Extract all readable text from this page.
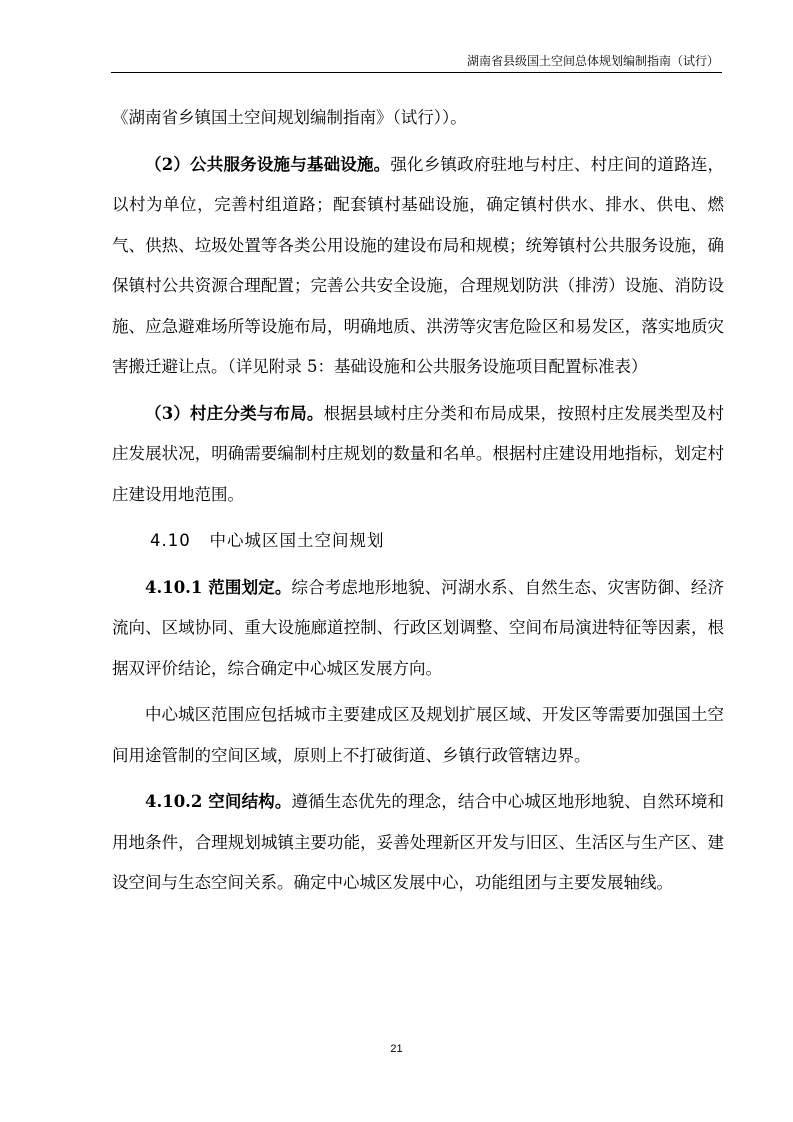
湖南省县级国土空间总体规划编制指南（试行）

《湖南省乡镇国土空间规划编制指南》（试行））。

（2）公共服务设施与基础设施。强化乡镇政府驻地与村庄、村庄间的道路连，以村为单位，完善村组道路；配套镇村基础设施，确定镇村供水、排水、供电、燃气、供热、垃圾处置等各类公用设施的建设布局和规模；统筹镇村公共服务设施，确保镇村公共资源合理配置；完善公共安全设施，合理规划防洪（排涝）设施、消防设施、应急避难场所等设施布局，明确地质、洪涝等灾害危险区和易发区，落实地质灾害搬迁避让点。（详见附录 5：基础设施和公共服务设施项目配置标准表）

（3）村庄分类与布局。根据县域村庄分类和布局成果，按照村庄发展类型及村庄发展状况，明确需要编制村庄规划的数量和名单。根据村庄建设用地指标，划定村庄建设用地范围。

4.10 中心城区国土空间规划

4.10.1 范围划定。综合考虑地形地貌、河湖水系、自然生态、灾害防御、经济流向、区域协同、重大设施廊道控制、行政区划调整、空间布局演进特征等因素，根据双评价结论，综合确定中心城区发展方向。

中心城区范围应包括城市主要建成区及规划扩展区域、开发区等需要加强国土空间用途管制的空间区域，原则上不打破街道、乡镇行政管辖边界。

4.10.2 空间结构。遵循生态优先的理念，结合中心城区地形地貌、自然环境和用地条件，合理规划城镇主要功能，妥善处理新区开发与旧区、生活区与生产区、建设空间与生态空间关系。确定中心城区发展中心，功能组团与主要发展轴线。

21
